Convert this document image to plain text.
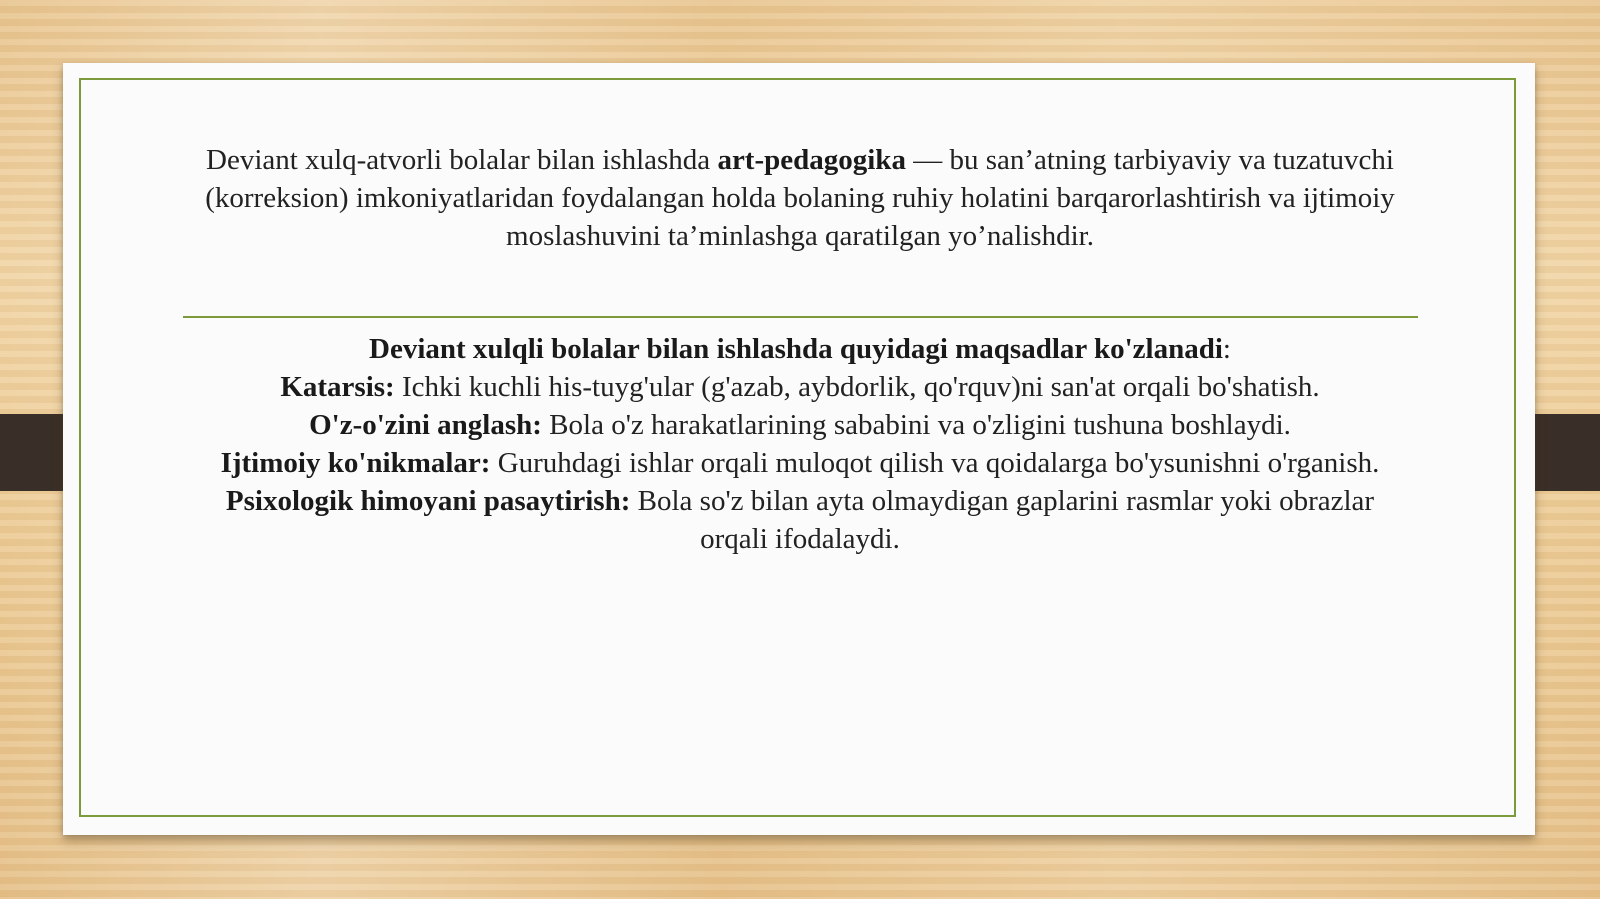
Deviant xulq-atvorli bolalar bilan ishlashda art-pedagogika — bu san’atning tarbiyaviy va tuzatuvchi (korreksion) imkoniyatlaridan foydalangan holda bolaning ruhiy holatini barqarorlashtirish va ijtimoiy moslashuvini ta’minlashga qaratilgan yo’nalishdir.

Deviant xulqli bolalar bilan ishlashda quyidagi maqsadlar ko'zlanadi:

Katarsis: Ichki kuchli his-tuyg'ular (g'azab, aybdorlik, qo'rquv)ni san'at orqali bo'shatish.

O'z-o'zini anglash: Bola o'z harakatlarining sababini va o'zligini tushuna boshlaydi.

Ijtimoiy ko'nikmalar: Guruhdagi ishlar orqali muloqot qilish va qoidalarga bo'ysunishni o'rganish.

Psixologik himoyani pasaytirish: Bola so'z bilan ayta olmaydigan gaplarini rasmlar yoki obrazlar orqali ifodalaydi.
